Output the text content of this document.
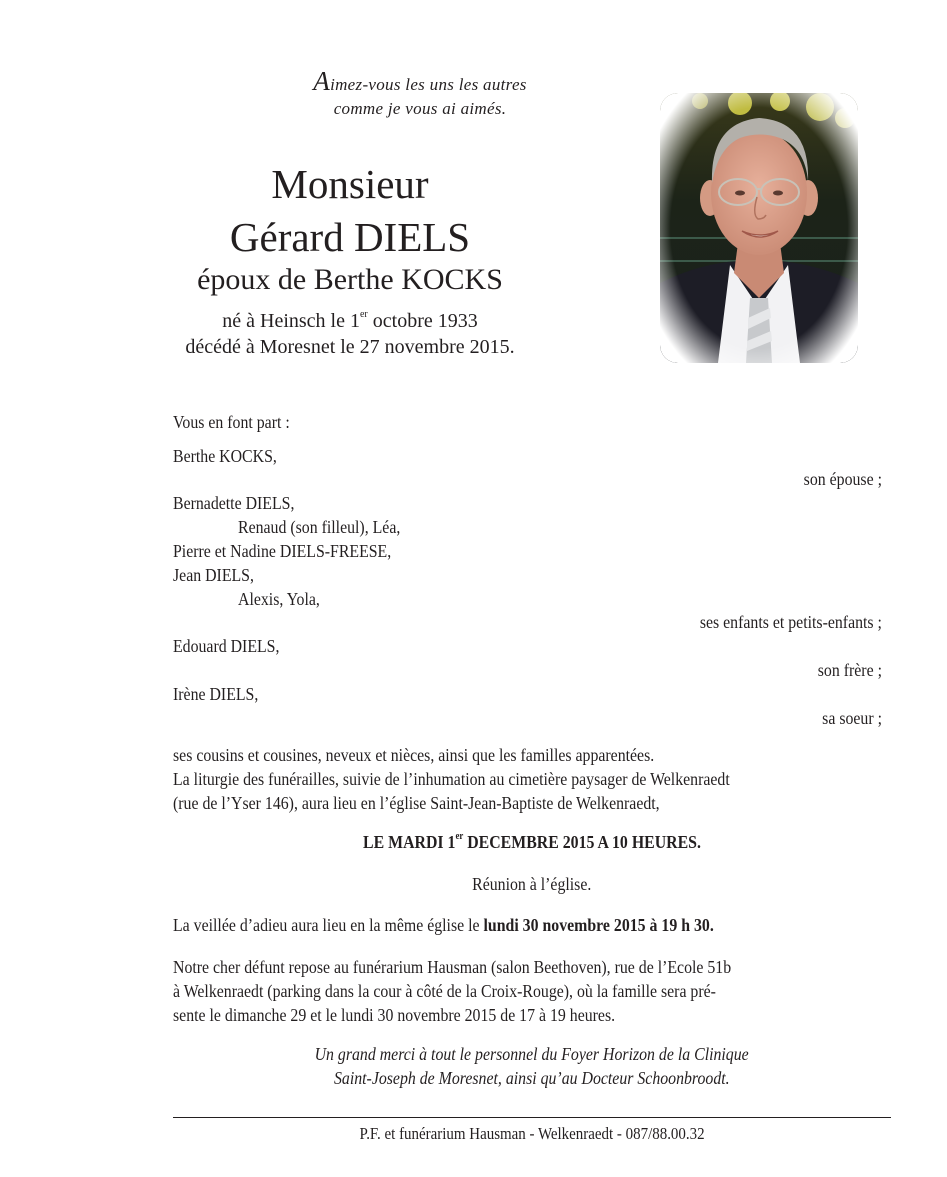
Aimez-vous les uns les autres
comme je vous ai aimés.
Monsieur
Gérard DIELS
époux de Berthe KOCKS
né à Heinsch le 1er octobre 1933
décédé à Moresnet le 27 novembre 2015.
Vous en font part :
Berthe KOCKS,
son épouse ;
Bernadette DIELS,
Renaud (son filleul), Léa,
Pierre et Nadine DIELS-FREESE,
Jean DIELS,
Alexis, Yola,
ses enfants et petits-enfants ;
Edouard DIELS,
son frère ;
Irène DIELS,
sa soeur ;
ses cousins et cousines, neveux et nièces, ainsi que les familles apparentées.
La liturgie des funérailles, suivie de l’inhumation au cimetière paysager de Welkenraedt
(rue de l’Yser 146), aura lieu en l’église Saint-Jean-Baptiste de Welkenraedt,
LE MARDI 1er DECEMBRE 2015 A 10 HEURES.
Réunion à l’église.
La veillée d’adieu aura lieu en la même église le lundi 30 novembre 2015 à 19 h 30.
Notre cher défunt repose au funérarium Hausman (salon Beethoven), rue de l’Ecole 51b
à Welkenraedt (parking dans la cour à côté de la Croix-Rouge), où la famille sera pré-
sente le dimanche 29 et le lundi 30 novembre 2015 de 17 à 19 heures.
Un grand merci à tout le personnel du Foyer Horizon de la Clinique
Saint-Joseph de Moresnet, ainsi qu’au Docteur Schoonbroodt.
P.F. et funérarium Hausman - Welkenraedt - 087/88.00.32
